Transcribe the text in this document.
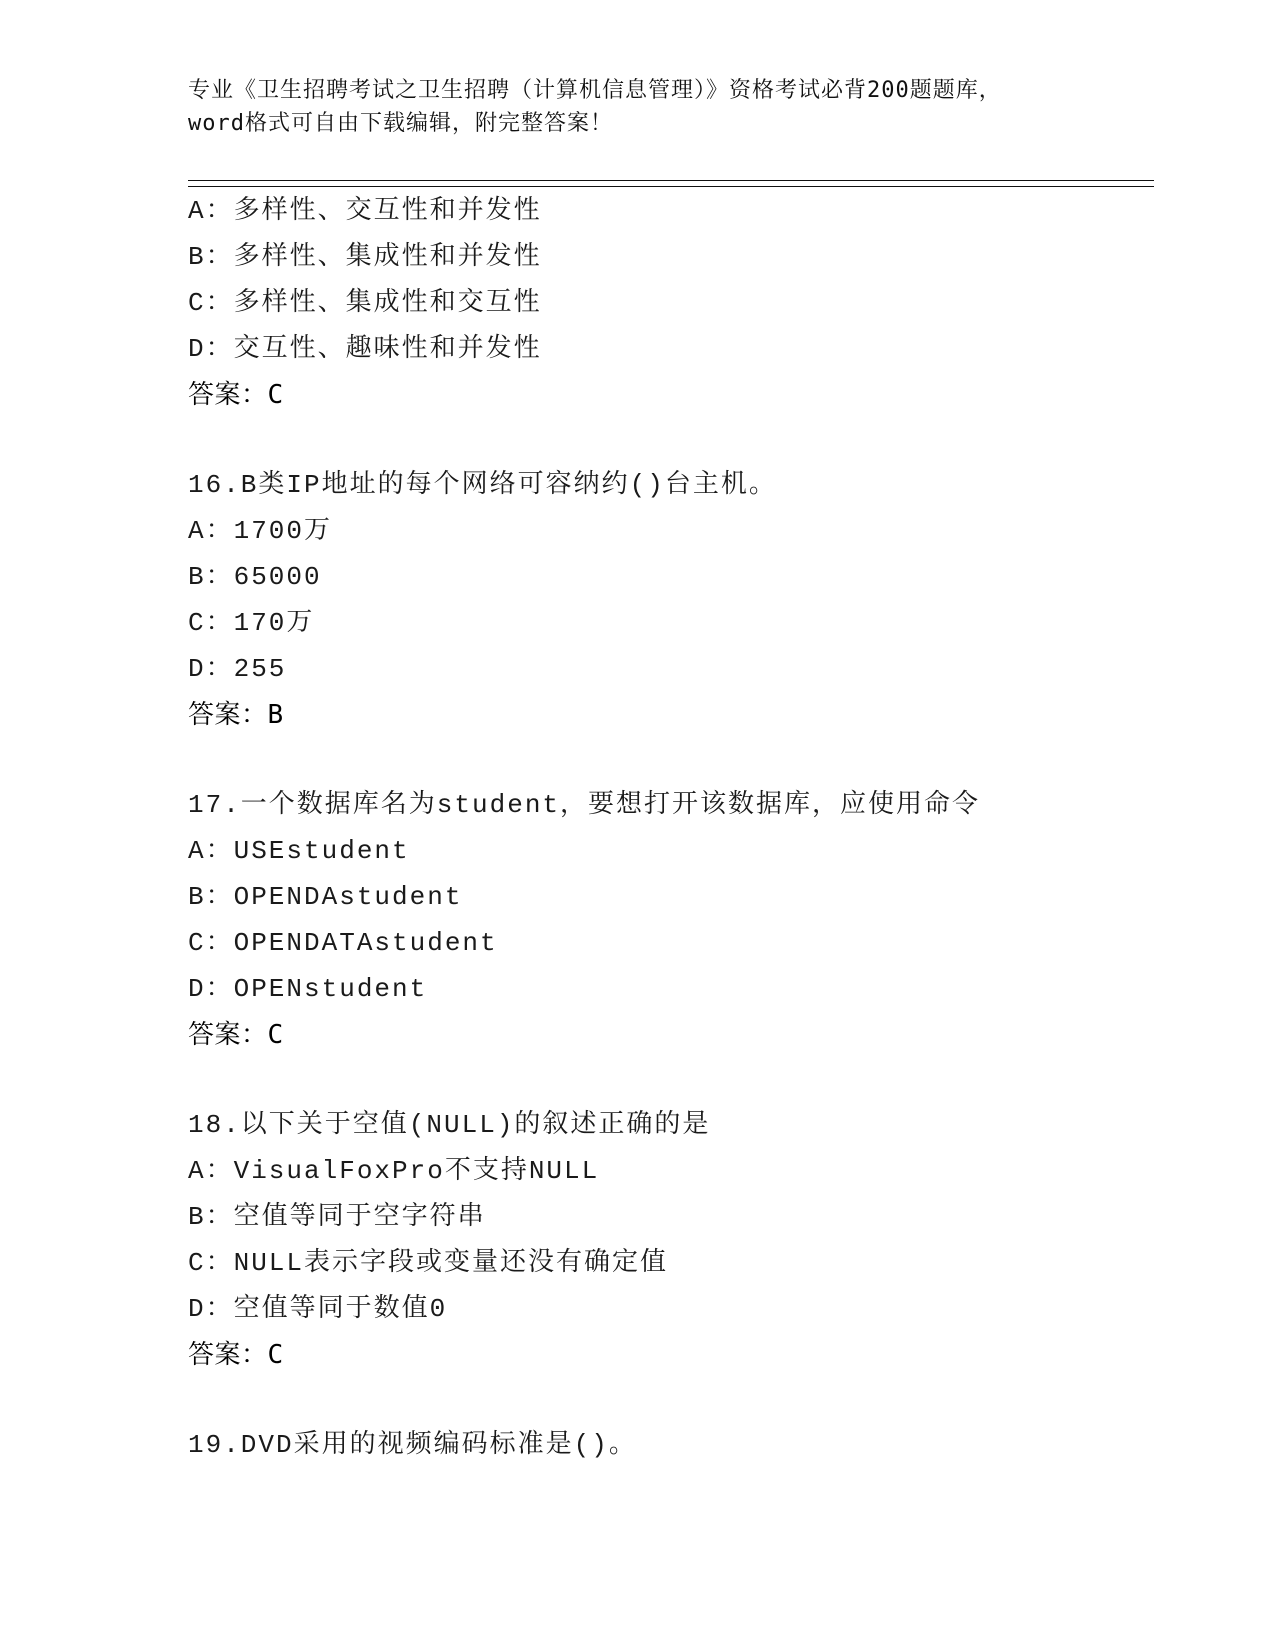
专业《卫生招聘考试之卫生招聘（计算机信息管理）》资格考试必背200题题库，
word格式可自由下载编辑，附完整答案！
A：多样性、交互性和并发性
B：多样性、集成性和并发性
C：多样性、集成性和交互性
D：交互性、趣味性和并发性
答案：C
16.B类IP地址的每个网络可容纳约()台主机。
A：1700万
B：65000
C：170万
D：255
答案：B
17.一个数据库名为student，要想打开该数据库，应使用命令
A：USEstudent
B：OPENDAstudent
C：OPENDATAstudent
D：OPENstudent
答案：C
18.以下关于空值(NULL)的叙述正确的是
A：VisualFoxPro不支持NULL
B：空值等同于空字符串
C：NULL表示字段或变量还没有确定值
D：空值等同于数值0
答案：C
19.DVD采用的视频编码标准是()。
